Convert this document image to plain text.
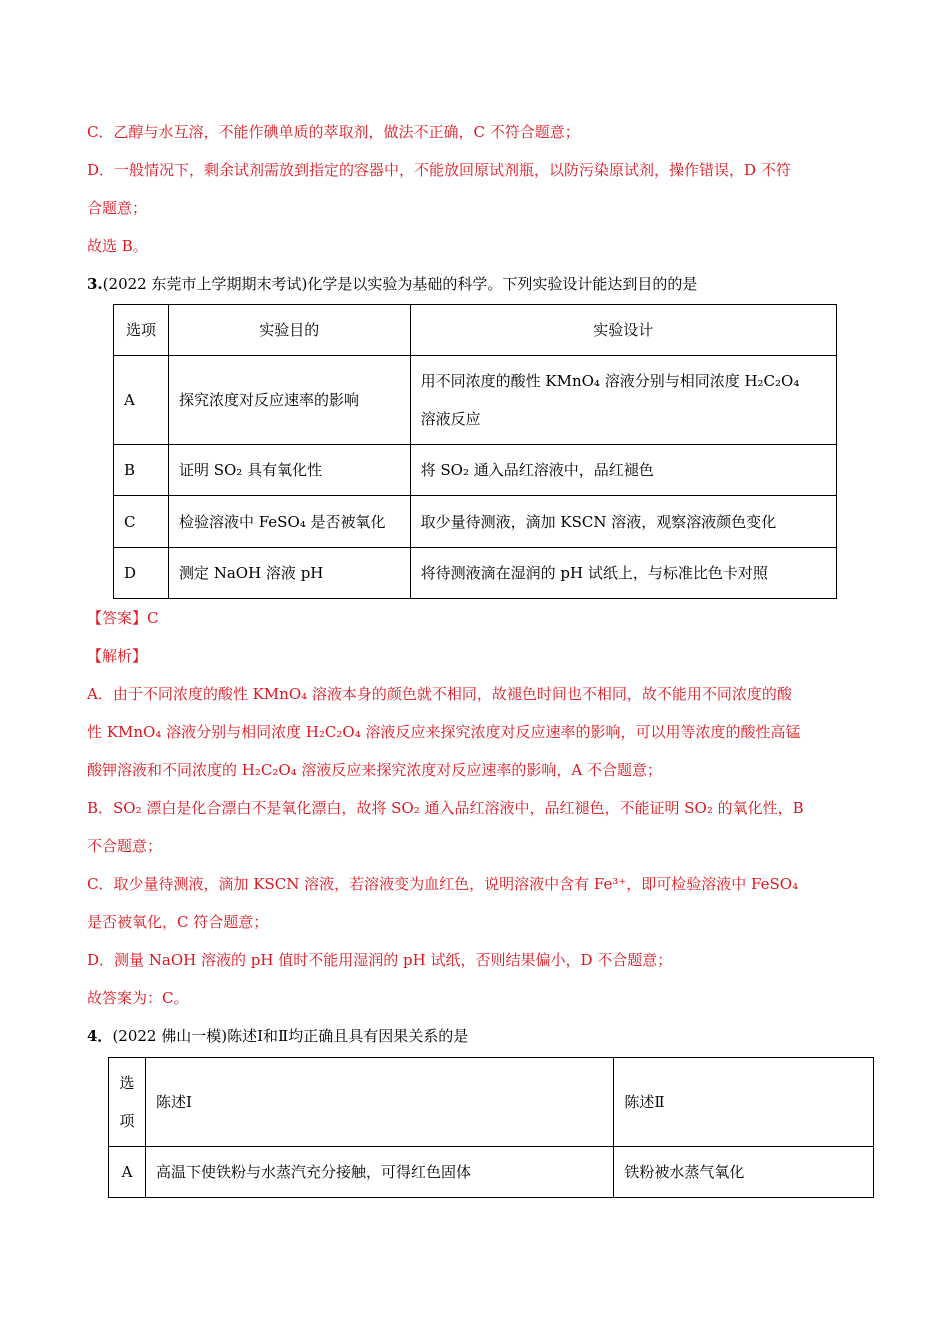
C．乙醇与水互溶，不能作碘单质的萃取剂，做法不正确，C 不符合题意；
D．一般情况下，剩余试剂需放到指定的容器中，不能放回原试剂瓶，以防污染原试剂，操作错误，D 不符
合题意；
故选 B。
3.(2022 东莞市上学期期末考试)化学是以实验为基础的科学。下列实验设计能达到目的的是
选项	实验目的	实验设计
A	探究浓度对反应速率的影响	用不同浓度的酸性 KMnO₄ 溶液分别与相同浓度 H₂C₂O₄
溶液反应

B	证明 SO₂ 具有氧化性	将 SO₂ 通入品红溶液中，品红褪色
C	检验溶液中 FeSO₄ 是否被氧化	取少量待测液，滴加 KSCN 溶液，观察溶液颜色变化
D	测定 NaOH 溶液 pH	将待测液滴在湿润的 pH 试纸上，与标准比色卡对照
【答案】C
【解析】
A．由于不同浓度的酸性 KMnO₄ 溶液本身的颜色就不相同，故褪色时间也不相同，故不能用不同浓度的酸
性 KMnO₄ 溶液分别与相同浓度 H₂C₂O₄ 溶液反应来探究浓度对反应速率的影响，可以用等浓度的酸性高锰
酸钾溶液和不同浓度的 H₂C₂O₄ 溶液反应来探究浓度对反应速率的影响，A 不合题意；
B．SO₂ 漂白是化合漂白不是氧化漂白，故将 SO₂ 通入品红溶液中，品红褪色，不能证明 SO₂ 的氧化性，B
不合题意；
C．取少量待测液，滴加 KSCN 溶液，若溶液变为血红色，说明溶液中含有 Fe³⁺，即可检验溶液中 FeSO₄
是否被氧化，C 符合题意；
D．测量 NaOH 溶液的 pH 值时不能用湿润的 pH 试纸，否则结果偏小，D 不合题意；
故答案为：C。
4．(2022 佛山一模)陈述Ⅰ和Ⅱ均正确且具有因果关系的是
选
项	陈述Ⅰ	陈述Ⅱ
A	高温下使铁粉与水蒸汽充分接触，可得红色固体	铁粉被水蒸气氧化
